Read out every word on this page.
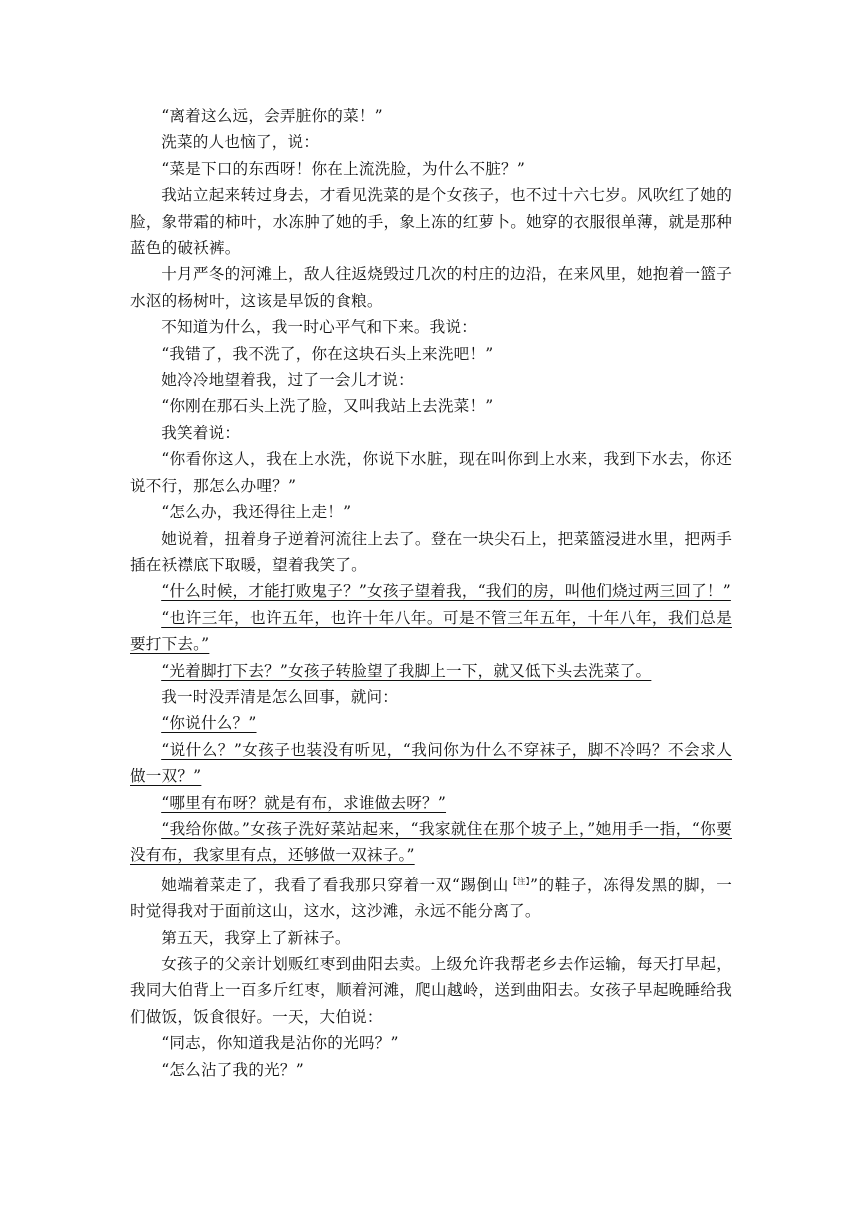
“离着这么远，会弄脏你的菜！”

洗菜的人也恼了，说：

“菜是下口的东西呀！你在上流洗脸，为什么不脏？”

我站立起来转过身去，才看见洗菜的是个女孩子，也不过十六七岁。风吹红了她的脸，象带霜的柿叶，水冻肿了她的手，象上冻的红萝卜。她穿的衣服很单薄，就是那种蓝色的破袄裤。

十月严冬的河滩上，敌人往返烧毁过几次的村庄的边沿，在来风里，她抱着一篮子水沤的杨树叶，这该是早饭的食粮。

不知道为什么，我一时心平气和下来。我说：

“我错了，我不洗了，你在这块石头上来洗吧！”

她冷冷地望着我，过了一会儿才说：

“你刚在那石头上洗了脸，又叫我站上去洗菜！”

我笑着说：

“你看你这人，我在上水洗，你说下水脏，现在叫你到上水来，我到下水去，你还说不行，那怎么办哩？”

“怎么办，我还得往上走！”

她说着，扭着身子逆着河流往上去了。登在一块尖石上，把菜篮浸进水里，把两手插在袄襟底下取暖，望着我笑了。

“什么时候，才能打败鬼子？”女孩子望着我，“我们的房，叫他们烧过两三回了！”

“也许三年，也许五年，也许十年八年。可是不管三年五年，十年八年，我们总是要打下去。”

“光着脚打下去？”女孩子转脸望了我脚上一下，就又低下头去洗菜了。

我一时没弄清是怎么回事，就问：

“你说什么？”

“说什么？”女孩子也装没有听见，“我问你为什么不穿袜子，脚不冷吗？不会求人做一双？”

“哪里有布呀？就是有布，求谁做去呀？”

“我给你做。”女孩子洗好菜站起来，“我家就住在那个坡子上，”她用手一指，“你要没有布，我家里有点，还够做一双袜子。”

她端着菜走了，我看了看我那只穿着一双“踢倒山$^{【注】}$”的鞋子，冻得发黑的脚，一时觉得我对于面前这山，这水，这沙滩，永远不能分离了。

第五天，我穿上了新袜子。

女孩子的父亲计划贩红枣到曲阳去卖。上级允许我帮老乡去作运输，每天打早起，我同大伯背上一百多斤红枣，顺着河滩，爬山越岭，送到曲阳去。女孩子早起晚睡给我们做饭，饭食很好。一天，大伯说：

“同志，你知道我是沾你的光吗？”

“怎么沾了我的光？”
